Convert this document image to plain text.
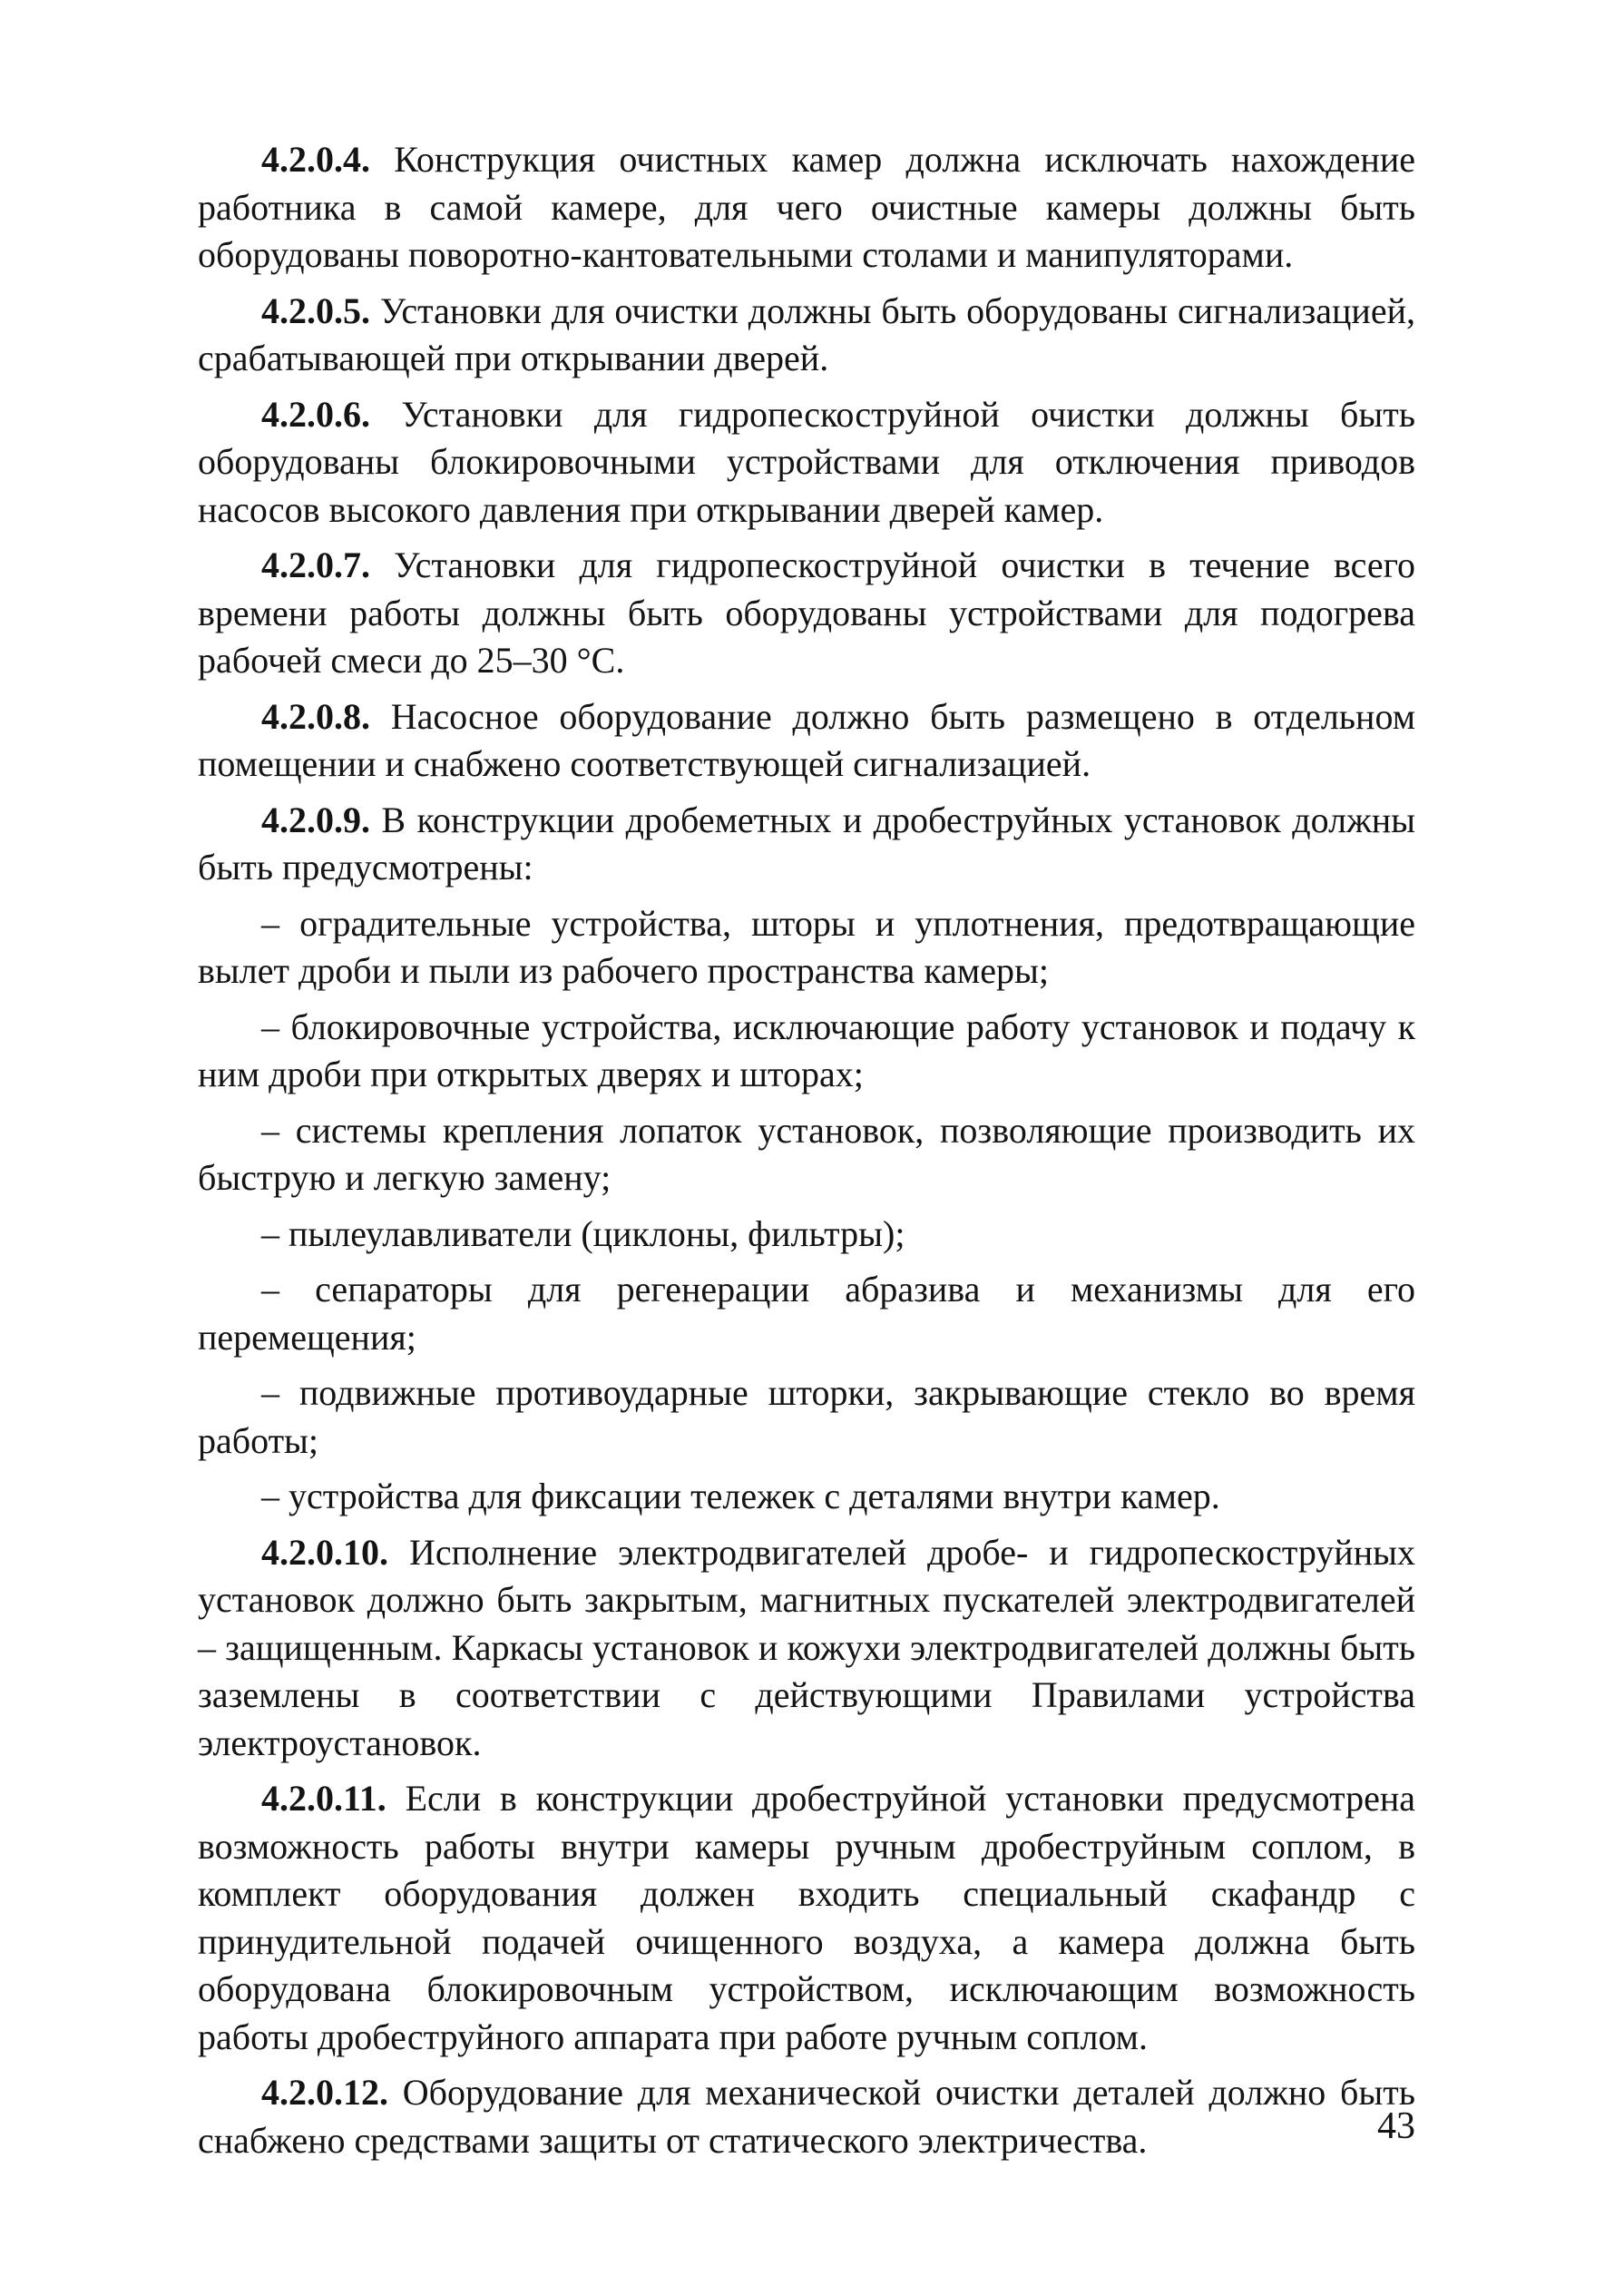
4.2.0.4. Конструкция очистных камер должна исключать нахождение работника в самой камере, для чего очистные камеры должны быть оборудованы поворотно-кантовательными столами и манипуляторами.

4.2.0.5. Установки для очистки должны быть оборудованы сигнализацией, срабатывающей при открывании дверей.

4.2.0.6. Установки для гидропескоструйной очистки должны быть оборудованы блокировочными устройствами для отключения приводов насосов высокого давления при открывании дверей камер.

4.2.0.7. Установки для гидропескоструйной очистки в течение всего времени работы должны быть оборудованы устройствами для подогрева рабочей смеси до 25–30 °С.

4.2.0.8. Насосное оборудование должно быть размещено в отдельном помещении и снабжено соответствующей сигнализацией.

4.2.0.9. В конструкции дробеметных и дробеструйных установок должны быть предусмотрены:

– оградительные устройства, шторы и уплотнения, предотвращающие вылет дроби и пыли из рабочего пространства камеры;

– блокировочные устройства, исключающие работу установок и подачу к ним дроби при открытых дверях и шторах;

– системы крепления лопаток установок, позволяющие производить их быструю и легкую замену;

– пылеулавливатели (циклоны, фильтры);

– сепараторы для регенерации абразива и механизмы для его перемещения;

– подвижные противоударные шторки, закрывающие стекло во время работы;

– устройства для фиксации тележек с деталями внутри камер.

4.2.0.10. Исполнение электродвигателей дробе- и гидропескоструйных установок должно быть закрытым, магнитных пускателей электродвигателей – защищенным. Каркасы установок и кожухи электродвигателей должны быть заземлены в соответствии с действующими Правилами устройства электроустановок.

4.2.0.11. Если в конструкции дробеструйной установки предусмотрена возможность работы внутри камеры ручным дробеструйным соплом, в комплект оборудования должен входить специальный скафандр с принудительной подачей очищенного воздуха, а камера должна быть оборудована блокировочным устройством, исключающим возможность работы дробеструйного аппарата при работе ручным соплом.

4.2.0.12. Оборудование для механической очистки деталей должно быть снабжено средствами защиты от статического электричества.	43
